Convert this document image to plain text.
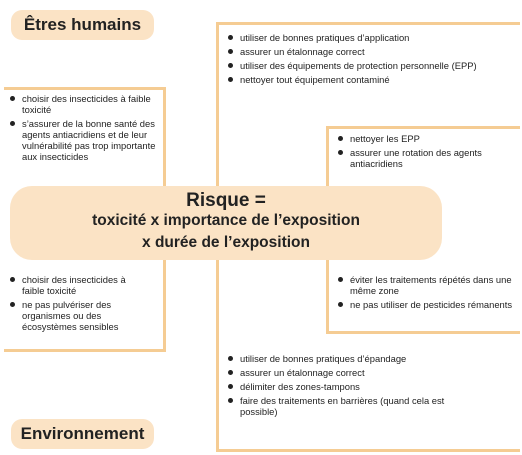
Êtres humains
Environnement
Risque =
toxicité x importance de l’exposition
x durée de l’exposition
utiliser de bonnes pratiques d’application
assurer un étalonnage correct
utiliser des équipements de protection personnelle (EPP)
nettoyer tout équipement contaminé
choisir des insecticides à faible toxicité
s’assurer de la bonne santé des agents antiacridiens et de leur vulnérabilité pas trop importante aux insecticides
nettoyer les EPP
assurer une rotation des agents antiacridiens
choisir des insecticides à faible toxicité
ne pas pulvériser des organismes ou des écosystèmes sensibles
éviter les traitements répétés dans une même zone
ne pas utiliser de pesticides rémanents
utiliser de bonnes pratiques d’épandage
assurer un étalonnage correct
délimiter des zones-tampons
faire des traitements en barrières (quand cela est possible)
